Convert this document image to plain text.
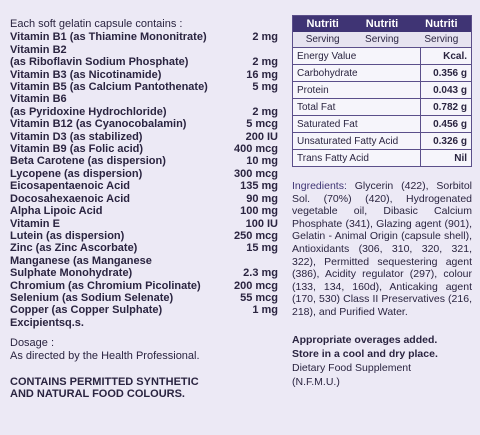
Each soft gelatin capsule contains :
Vitamin B1 (as Thiamine Mononitrate)	2 mg
Vitamin B2
(as Riboflavin Sodium Phosphate)	2 mg
Vitamin B3 (as Nicotinamide)	16 mg
Vitamin B5 (as Calcium Pantothenate)	5 mg
Vitamin B6
(as Pyridoxine Hydrochloride)	2 mg
Vitamin B12 (as Cyanocobalamin)	5 mcg
Vitamin D3 (as stabilized)	200 IU
Vitamin B9 (as Folic acid)	400 mcg
Beta Carotene (as dispersion)	10 mg
Lycopene (as dispersion)	300 mcg
Eicosapentaenoic Acid	135 mg
Docosahexaenoic Acid	90 mg
Alpha Lipoic Acid	100 mg
Vitamin E	100 IU
Lutein (as dispersion)	250 mcg
Zinc (as Zinc Ascorbate)	15 mg
Manganese (as Manganese
Sulphate Monohydrate)	2.3 mg
Chromium (as Chromium Picolinate)	200 mcg
Selenium (as Sodium Selenate)	55 mcg
Copper (as Copper Sulphate)	1 mg
Excipientsq.s.
Dosage :
As directed by the Health Professional.
CONTAINS PERMITTED SYNTHETIC
AND NATURAL FOOD COLOURS.
Nutriti Nutriti Nutriti
Serving	Serving	Serving
Energy Value	Kcal.
Carbohydrate	0.356 g
Protein	0.043 g
Total Fat	0.782 g
Saturated Fat	0.456 g
Unsaturated Fatty Acid	0.326 g
Trans Fatty Acid	Nil
Ingredients: Glycerin (422), Sorbitol Sol. (70%) (420), Hydrogenated vegetable oil, Dibasic Calcium Phosphate (341), Glazing agent (901), Gelatin - Animal Origin (capsule shell), Antioxidants (306, 310, 320, 321, 322), Permitted sequestering agent (386), Acidity regulator (297), colour (133, 134, 160d), Anticaking agent (170, 530) Class II Preservatives (216, 218), and Purified Water.
Appropriate overages added.
Store in a cool and dry place.
Dietary Food Supplement
(N.F.M.U.)
